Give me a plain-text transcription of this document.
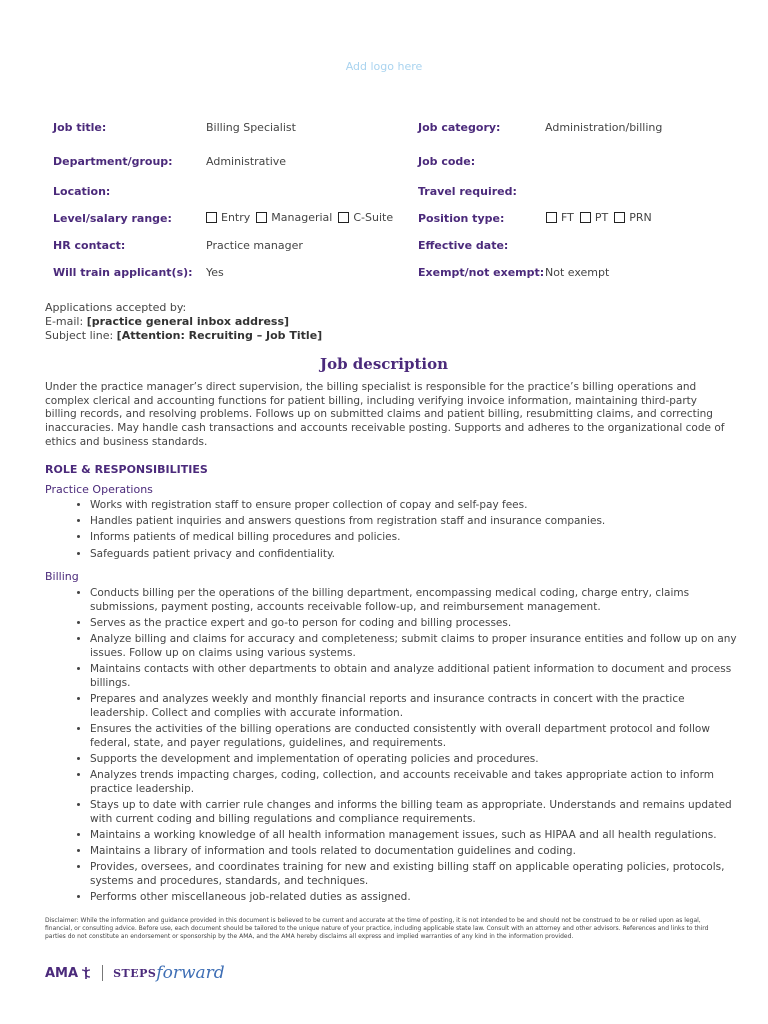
Add logo here
Job title:	Billing Specialist	Job category:	Administration/billing
Department/group:	Administrative	Job code:
Location:	Travel required:
Level/salary range:	Entry Managerial C-Suite Position type:	FT PT PRN
HR contact:	Practice manager	Effective date:
Will train applicant(s): Yes	Exempt/not exempt: Not exempt
Applications accepted by:
E-mail: [practice general inbox address]
Subject line: [Attention: Recruiting – Job Title]
Job description
Under the practice manager’s direct supervision, the billing specialist is responsible for the practice’s billing operations and complex clerical and accounting functions for patient billing, including verifying invoice information, maintaining third-party billing records, and resolving problems. Follows up on submitted claims and patient billing, resubmitting claims, and correcting inaccuracies. May handle cash transactions and accounts receivable posting. Supports and adheres to the organizational code of ethics and business standards.
ROLE & RESPONSIBILITIES
Practice Operations
• Works with registration staff to ensure proper collection of copay and self-pay fees.
• Handles patient inquiries and answers questions from registration staff and insurance companies.
• Informs patients of medical billing procedures and policies.
• Safeguards patient privacy and confidentiality.
Billing
• Conducts billing per the operations of the billing department, encompassing medical coding, charge entry, claims submissions, payment posting, accounts receivable follow-up, and reimbursement management.
• Serves as the practice expert and go-to person for coding and billing processes.
• Analyze billing and claims for accuracy and completeness; submit claims to proper insurance entities and follow up on any issues. Follow up on claims using various systems.
• Maintains contacts with other departments to obtain and analyze additional patient information to document and process billings.
• Prepares and analyzes weekly and monthly financial reports and insurance contracts in concert with the practice leadership. Collect and complies with accurate information.
• Ensures the activities of the billing operations are conducted consistently with overall department protocol and follow federal, state, and payer regulations, guidelines, and requirements.
• Supports the development and implementation of operating policies and procedures.
• Analyzes trends impacting charges, coding, collection, and accounts receivable and takes appropriate action to inform practice leadership.
• Stays up to date with carrier rule changes and informs the billing team as appropriate. Understands and remains updated with current coding and billing regulations and compliance requirements.
• Maintains a working knowledge of all health information management issues, such as HIPAA and all health regulations.
• Maintains a library of information and tools related to documentation guidelines and coding.
• Provides, oversees, and coordinates training for new and existing billing staff on applicable operating policies, protocols, systems and procedures, standards, and techniques.
• Performs other miscellaneous job-related duties as assigned.
Disclaimer: While the information and guidance provided in this document is believed to be current and accurate at the time of posting, it is not intended to be and should not be construed to be or relied upon as legal, financial, or consulting advice. Before use, each document should be tailored to the unique nature of your practice, including applicable state law. Consult with an attorney and other advisors. References and links to third parties do not constitute an endorsement or sponsorship by the AMA, and the AMA hereby disclaims all express and implied warranties of any kind in the information provided.
AMA	STEPS forward
